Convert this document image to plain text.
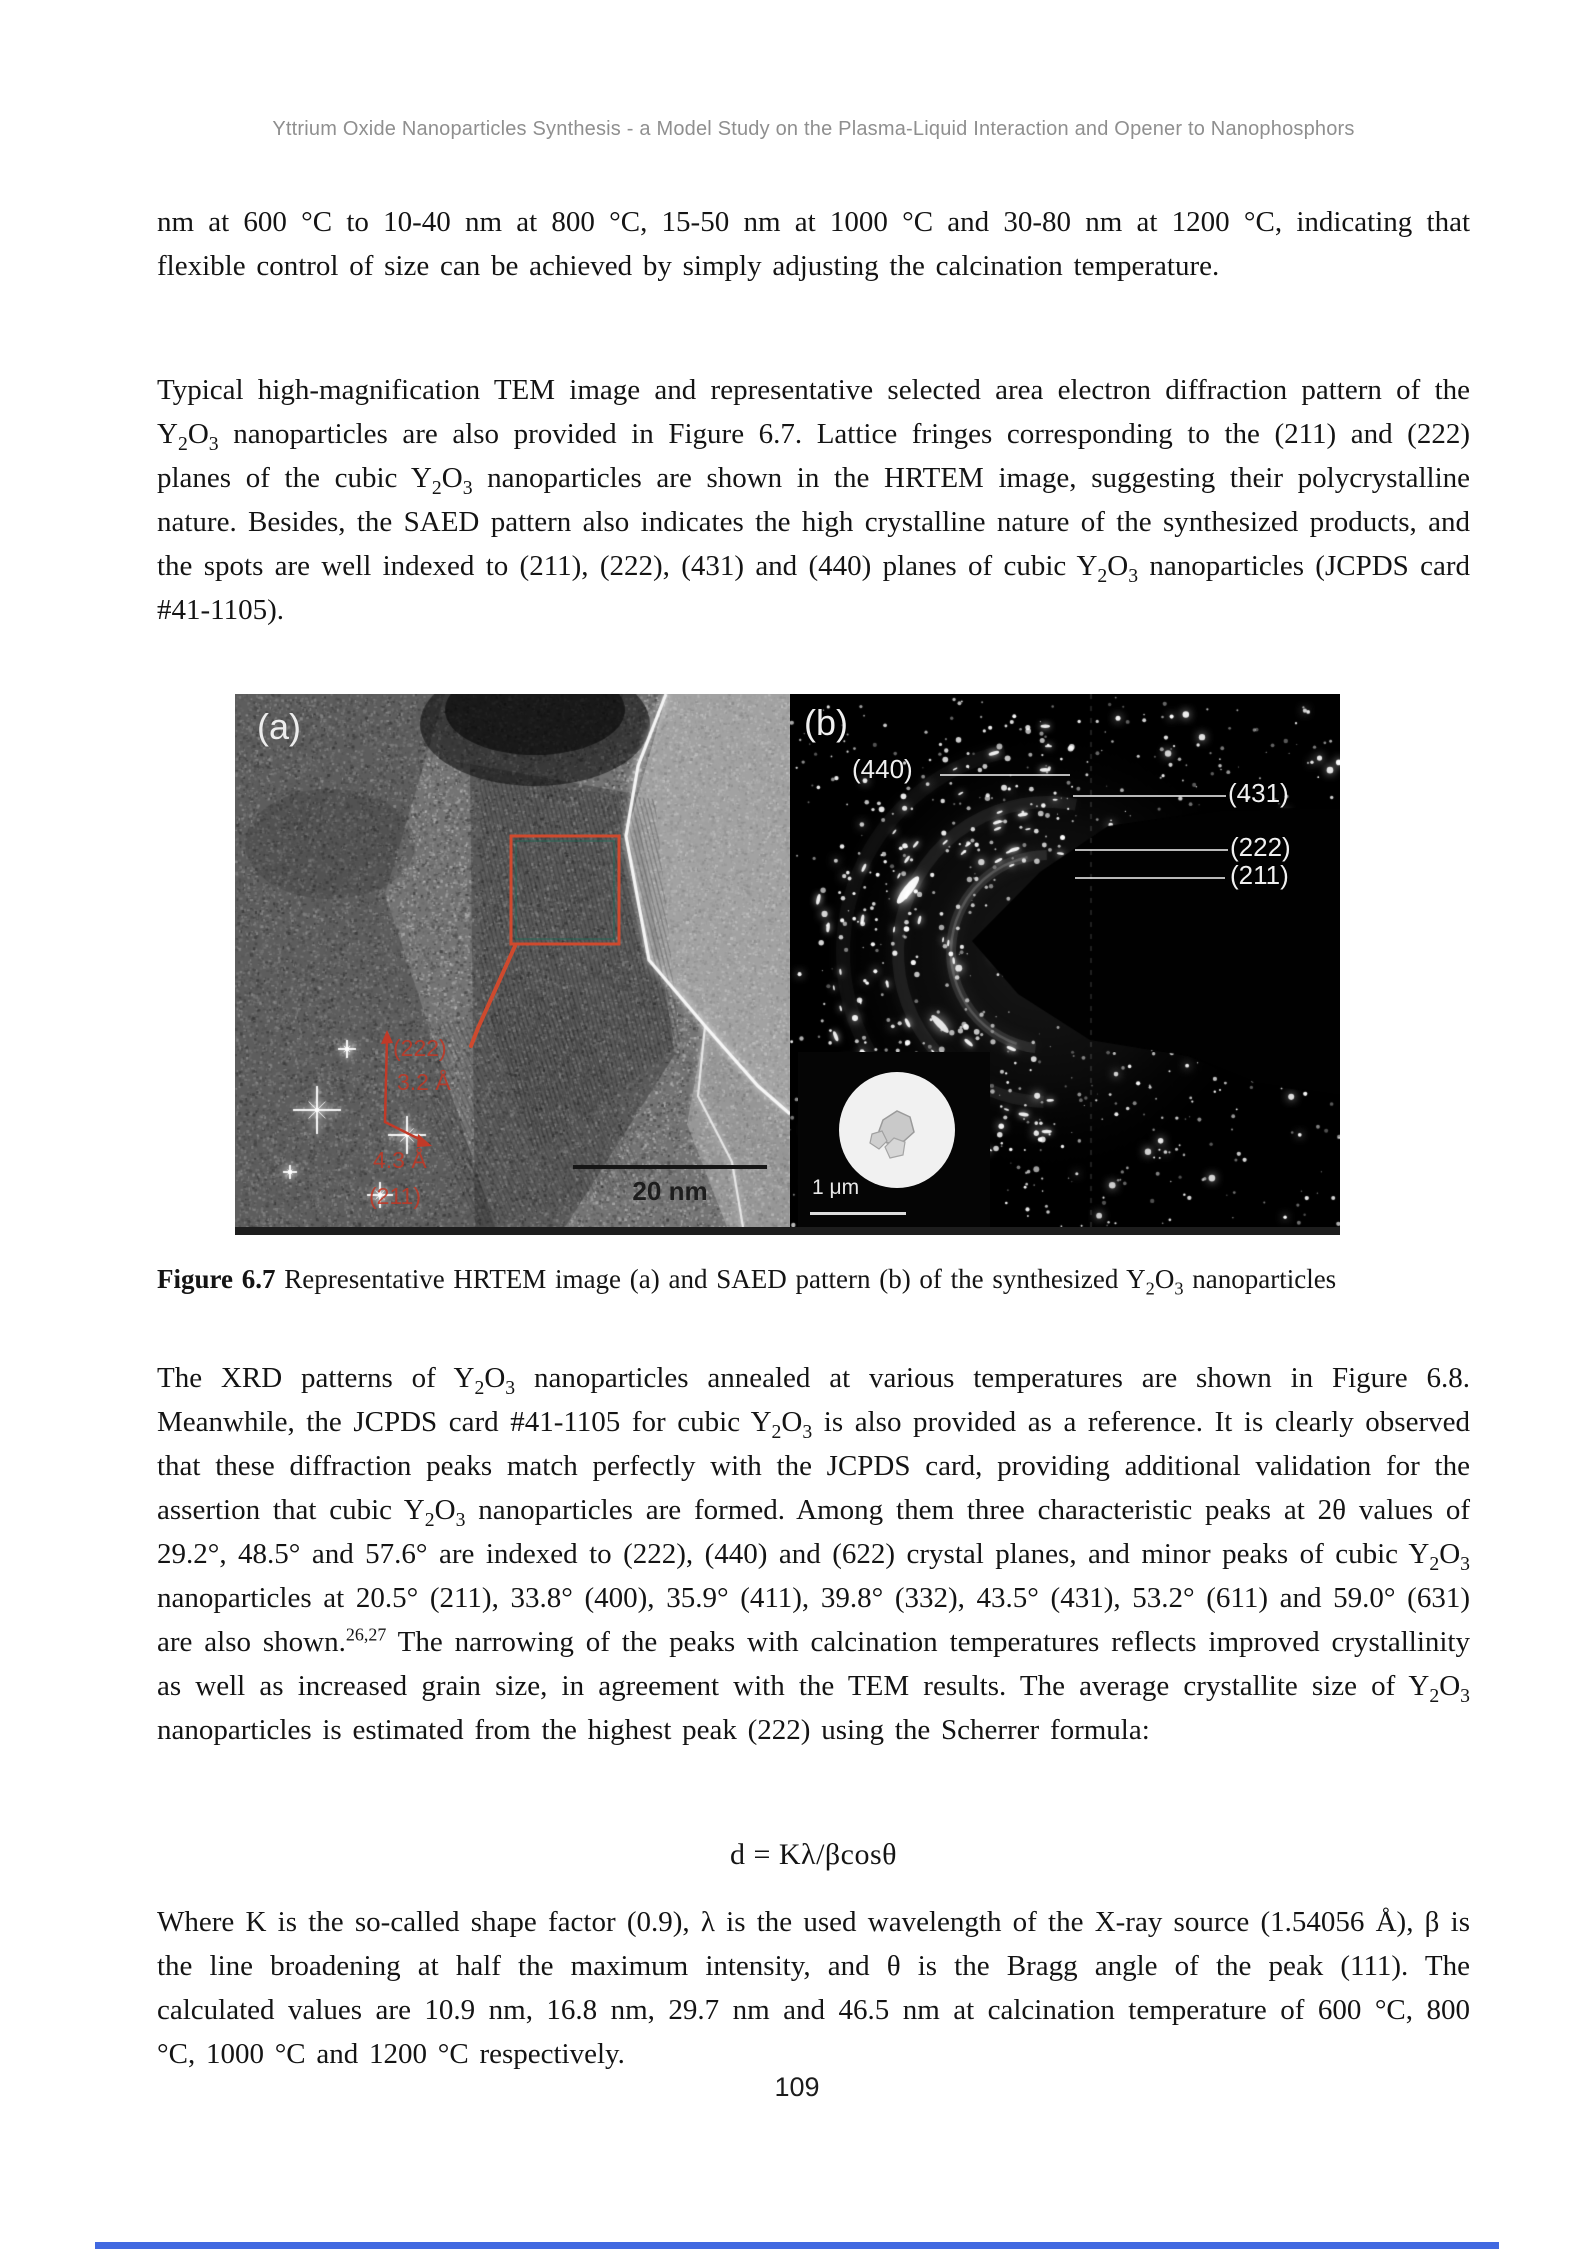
Yttrium Oxide Nanoparticles Synthesis - a Model Study on the Plasma-Liquid Interaction and Opener to Nanophosphors

nm at 600 °C to 10-40 nm at 800 °C, 15-50 nm at 1000 °C and 30-80 nm at 1200 °C, indicating that flexible control of size can be achieved by simply adjusting the calcination temperature.

Typical high-magnification TEM image and representative selected area electron diffraction pattern of the $Y_2O_3$ nanoparticles are also provided in Figure 6.7. Lattice fringes corresponding to the (211) and (222) planes of the cubic $Y_2O_3$ nanoparticles are shown in the HRTEM image, suggesting their polycrystalline nature. Besides, the SAED pattern also indicates the high crystalline nature of the synthesized products, and the spots are well indexed to (211), (222), (431) and (440) planes of cubic $Y_2O_3$ nanoparticles (JCPDS card #41-1105).

(222)
3.2 Å
4.3 Å
(211)
(a)
20 nm
(b)
(440)
(431)
(222)
(211)
1 μm

Figure 6.7 Representative HRTEM image (a) and SAED pattern (b) of the synthesized $Y_2O_3$ nanoparticles

The XRD patterns of $Y_2O_3$ nanoparticles annealed at various temperatures are shown in Figure 6.8. Meanwhile, the JCPDS card #41-1105 for cubic $Y_2O_3$ is also provided as a reference. It is clearly observed that these diffraction peaks match perfectly with the JCPDS card, providing additional validation for the assertion that cubic $Y_2O_3$ nanoparticles are formed. Among them three characteristic peaks at 2θ values of 29.2°, 48.5° and 57.6° are indexed to (222), (440) and (622) crystal planes, and minor peaks of cubic $Y_2O_3$ nanoparticles at 20.5° (211), 33.8° (400), 35.9° (411), 39.8° (332), 43.5° (431), 53.2° (611) and 59.0° (631) are also shown.$^{26,27}$ The narrowing of the peaks with calcination temperatures reflects improved crystallinity as well as increased grain size, in agreement with the TEM results. The average crystallite size of $Y_2O_3$ nanoparticles is estimated from the highest peak (222) using the Scherrer formula:

d = Kλ/βcosθ

Where K is the so-called shape factor (0.9), λ is the used wavelength of the X-ray source (1.54056 Å), β is the line broadening at half the maximum intensity, and θ is the Bragg angle of the peak (111). The calculated values are 10.9 nm, 16.8 nm, 29.7 nm and 46.5 nm at calcination temperature of 600 °C, 800 °C, 1000 °C and 1200 °C respectively.

109
